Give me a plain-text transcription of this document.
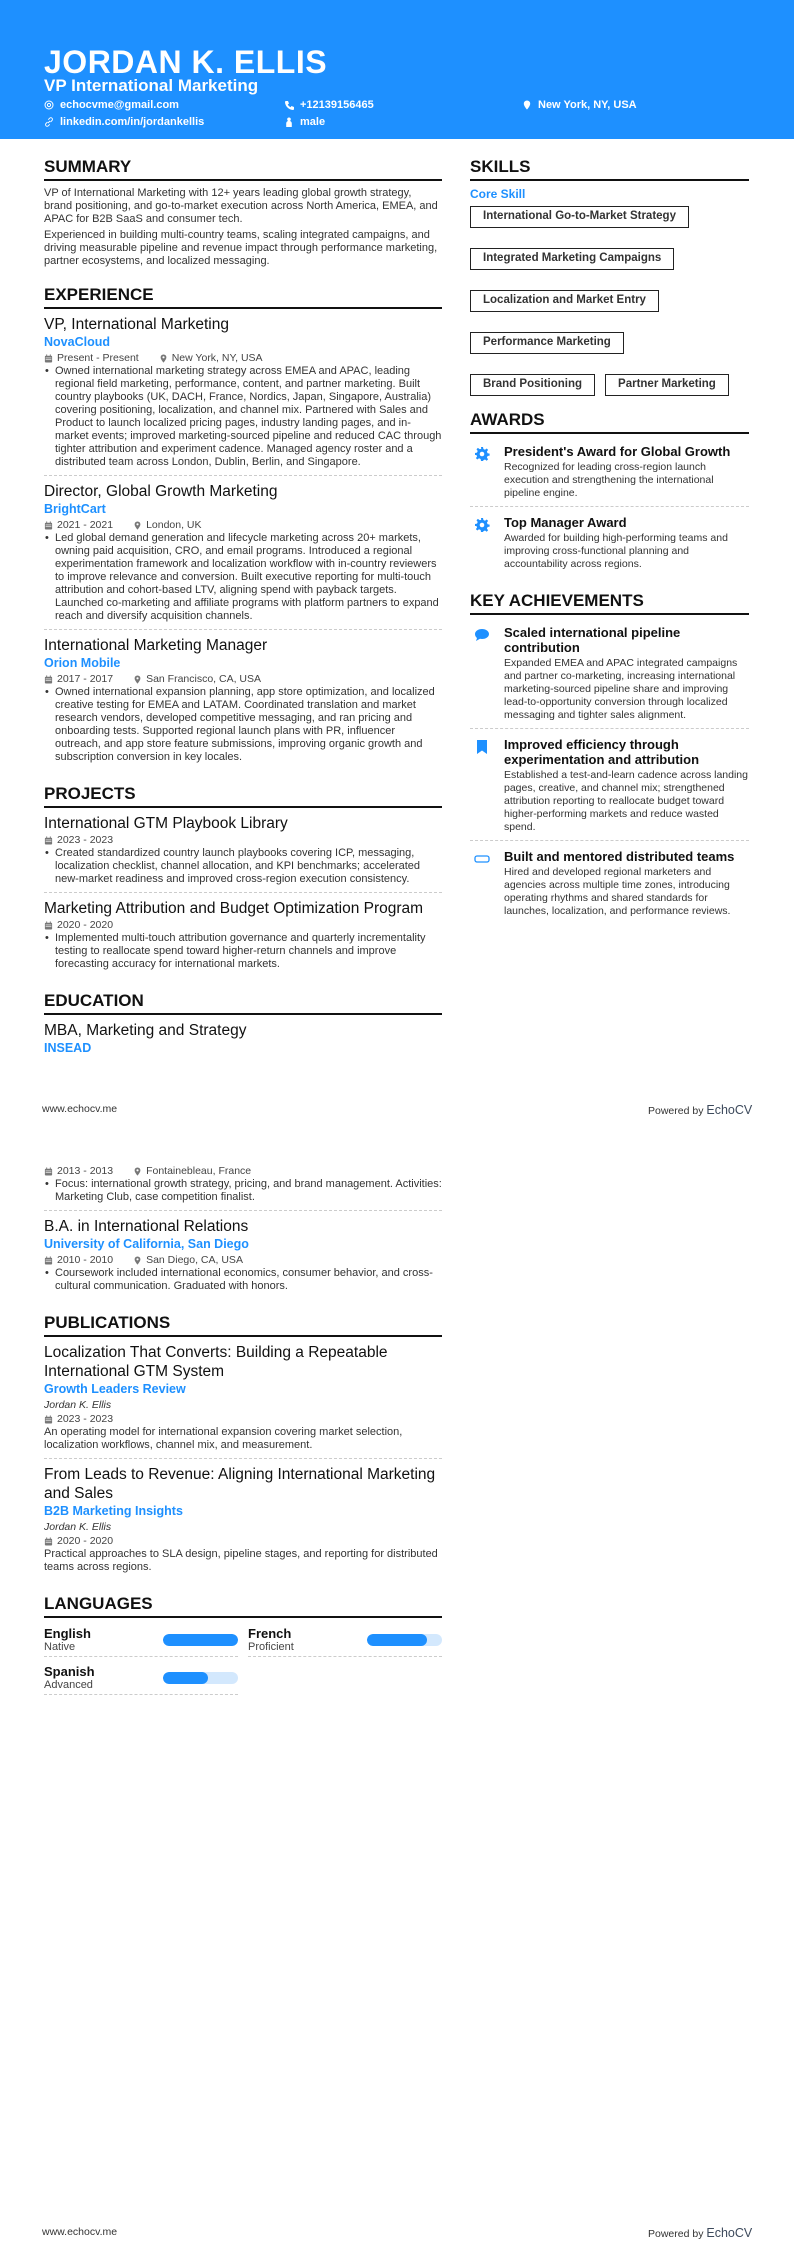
JORDAN K. ELLIS
VP International Marketing
echocvme@gmail.com	+12139156465	New York, NY, USA
linkedin.com/in/jordankellis	male
SUMMARY

VP of International Marketing with 12+ years leading global growth strategy, brand positioning, and go-to-market execution across North America, EMEA, and APAC for B2B SaaS and consumer tech.

Experienced in building multi-country teams, scaling integrated campaigns, and driving measurable pipeline and revenue impact through performance marketing, partner ecosystems, and localized messaging.

EXPERIENCE
VP, International Marketing
NovaCloud
Present - Present	New York, NY, USA
• Owned international marketing strategy across EMEA and APAC, leading regional field marketing, performance, content, and partner marketing. Built country playbooks (UK, DACH, France, Nordics, Japan, Singapore, Australia) covering positioning, localization, and channel mix. Partnered with Sales and Product to launch localized pricing pages, industry landing pages, and in-market events; improved marketing-sourced pipeline and reduced CAC through tighter attribution and experiment cadence. Managed agency roster and a distributed team across London, Dublin, Berlin, and Singapore.
Director, Global Growth Marketing
BrightCart
2021 - 2021	London, UK
• Led global demand generation and lifecycle marketing across 20+ markets, owning paid acquisition, CRO, and email programs. Introduced a regional experimentation framework and localization workflow with in-country reviewers to improve relevance and conversion. Built executive reporting for multi-touch attribution and cohort-based LTV, aligning spend with payback targets. Launched co-marketing and affiliate programs with platform partners to expand reach and diversify acquisition channels.
International Marketing Manager
Orion Mobile
2017 - 2017	San Francisco, CA, USA
• Owned international expansion planning, app store optimization, and localized creative testing for EMEA and LATAM. Coordinated translation and market research vendors, developed competitive messaging, and ran pricing and onboarding tests. Supported regional launch plans with PR, influencer outreach, and app store feature submissions, improving organic growth and subscription conversion in key locales.
PROJECTS
International GTM Playbook Library
2023 - 2023
• Created standardized country launch playbooks covering ICP, messaging, localization checklist, channel allocation, and KPI benchmarks; accelerated new-market readiness and improved cross-region execution consistency.
Marketing Attribution and Budget Optimization Program
2020 - 2020
• Implemented multi-touch attribution governance and quarterly incrementality testing to reallocate spend toward higher-return channels and improve forecasting accuracy for international markets.
EDUCATION
MBA, Marketing and Strategy
INSEAD
SKILLS
Core Skill
International Go-to-Market Strategy
Integrated Marketing Campaigns
Localization and Market Entry
Performance Marketing
Brand Positioning	Partner Marketing
AWARDS
President's Award for Global Growth
Recognized for leading cross-region launch execution and strengthening the international pipeline engine.
Top Manager Award
Awarded for building high-performing teams and improving cross-functional planning and accountability across regions.
KEY ACHIEVEMENTS
Scaled international pipeline contribution
Expanded EMEA and APAC integrated campaigns and partner co-marketing, increasing international marketing-sourced pipeline share and improving lead-to-opportunity conversion through localized messaging and tighter sales alignment.
Improved efficiency through experimentation and attribution
Established a test-and-learn cadence across landing pages, creative, and channel mix; strengthened attribution reporting to reallocate budget toward higher-performing markets and reduce wasted spend.
Built and mentored distributed teams
Hired and developed regional marketers and agencies across multiple time zones, introducing operating rhythms and shared standards for launches, localization, and performance reviews.
www.echocv.me	Powered by EchoCV
2013 - 2013	Fontainebleau, France
• Focus: international growth strategy, pricing, and brand management. Activities: Marketing Club, case competition finalist.
B.A. in International Relations
University of California, San Diego
2010 - 2010	San Diego, CA, USA
• Coursework included international economics, consumer behavior, and cross-cultural communication. Graduated with honors.
PUBLICATIONS
Localization That Converts: Building a Repeatable International GTM System
Growth Leaders Review
Jordan K. Ellis
2023 - 2023
An operating model for international expansion covering market selection, localization workflows, channel mix, and measurement.
From Leads to Revenue: Aligning International Marketing and Sales
B2B Marketing Insights
Jordan K. Ellis
2020 - 2020
Practical approaches to SLA design, pipeline stages, and reporting for distributed teams across regions.
LANGUAGES
English
Native
French
Proficient
Spanish
Advanced
www.echocv.me	Powered by EchoCV
